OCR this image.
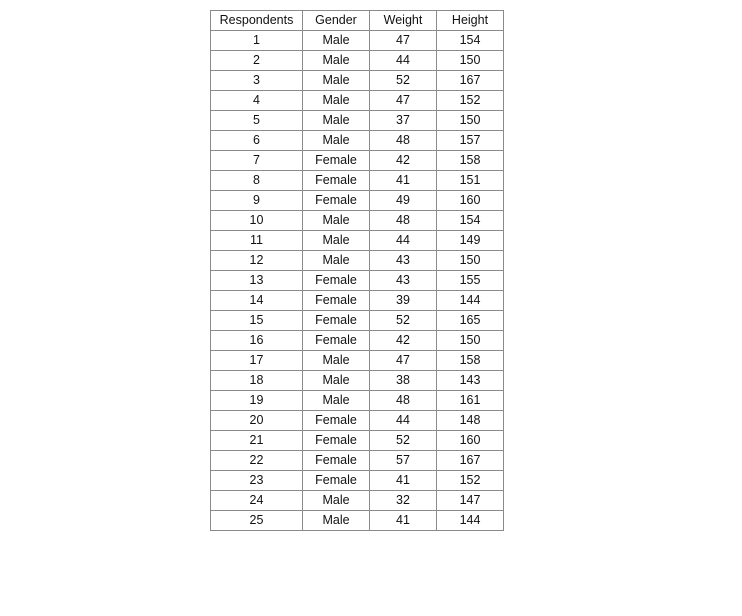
Respondents	Gender	Weight	Height
1	Male	47	154
2	Male	44	150
3	Male	52	167
4	Male	47	152
5	Male	37	150
6	Male	48	157
7	Female	42	158
8	Female	41	151
9	Female	49	160
10	Male	48	154
11	Male	44	149
12	Male	43	150
13	Female	43	155
14	Female	39	144
15	Female	52	165
16	Female	42	150
17	Male	47	158
18	Male	38	143
19	Male	48	161
20	Female	44	148
21	Female	52	160
22	Female	57	167
23	Female	41	152
24	Male	32	147
25	Male	41	144
